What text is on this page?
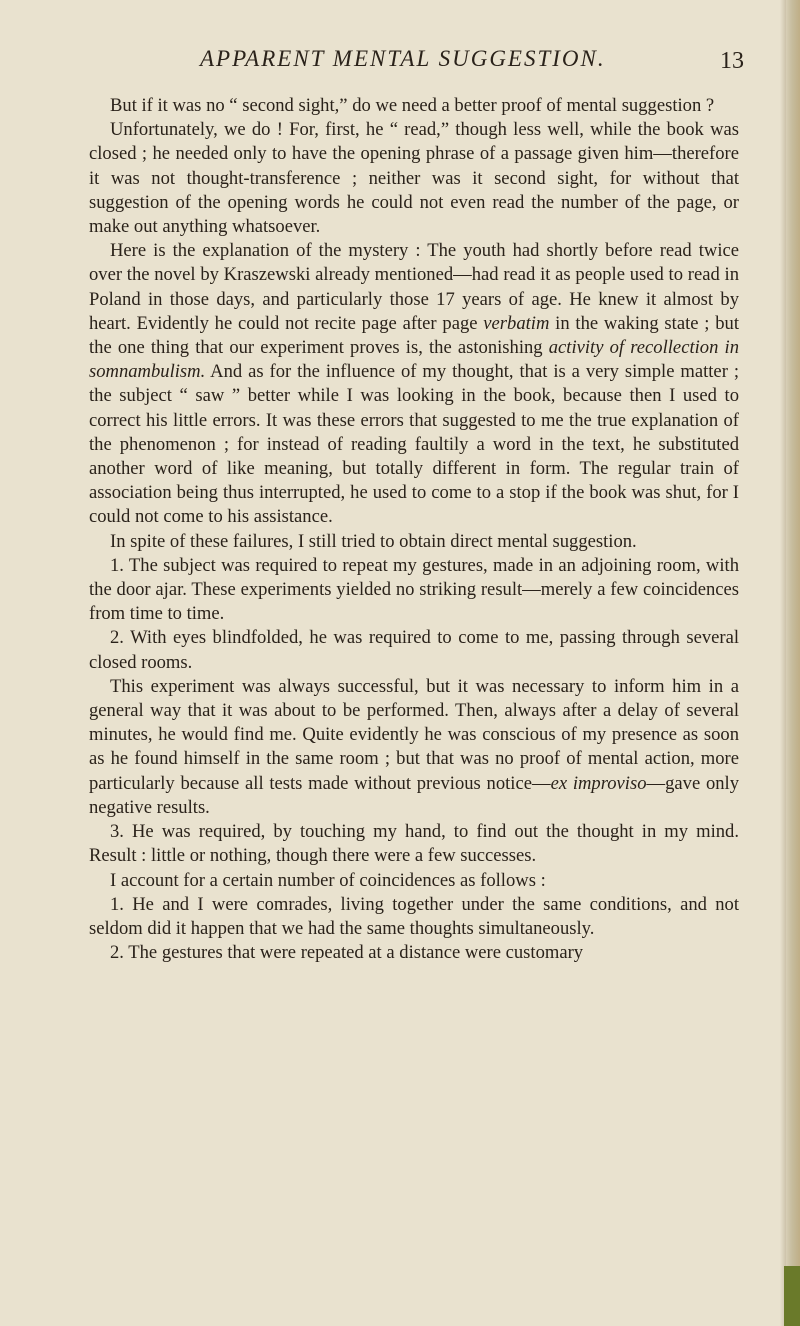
APPARENT MENTAL SUGGESTION.	13

But if it was no “ second sight,” do we need a better proof of mental suggestion ?

Unfortunately, we do ! For, first, he “ read,” though less well, while the book was closed ; he needed only to have the opening phrase of a passage given him—therefore it was not thought-transference ; neither was it second sight, for without that suggestion of the opening words he could not even read the number of the page, or make out anything whatsoever.

Here is the explanation of the mystery : The youth had shortly before read twice over the novel by Kraszewski already mentioned—had read it as people used to read in Poland in those days, and particularly those 17 years of age. He knew it almost by heart. Evidently he could not recite page after page verbatim in the waking state ; but the one thing that our experiment proves is, the astonishing activity of recollection in somnambulism. And as for the influence of my thought, that is a very simple matter ; the subject “ saw ” better while I was looking in the book, because then I used to correct his little errors. It was these errors that suggested to me the true explanation of the phenomenon ; for instead of reading faultily a word in the text, he substituted another word of like meaning, but totally different in form. The regular train of association being thus interrupted, he used to come to a stop if the book was shut, for I could not come to his assistance.

In spite of these failures, I still tried to obtain direct mental suggestion.

1. The subject was required to repeat my gestures, made in an adjoining room, with the door ajar. These experiments yielded no striking result—merely a few coincidences from time to time.

2. With eyes blindfolded, he was required to come to me, passing through several closed rooms.

This experiment was always successful, but it was necessary to inform him in a general way that it was about to be performed. Then, always after a delay of several minutes, he would find me. Quite evidently he was conscious of my presence as soon as he found himself in the same room ; but that was no proof of mental action, more particularly because all tests made without previous notice—ex improviso—gave only negative results.

3. He was required, by touching my hand, to find out the thought in my mind. Result : little or nothing, though there were a few successes.

I account for a certain number of coincidences as follows :

1. He and I were comrades, living together under the same conditions, and not seldom did it happen that we had the same thoughts simultaneously.

2. The gestures that were repeated at a distance were customary
